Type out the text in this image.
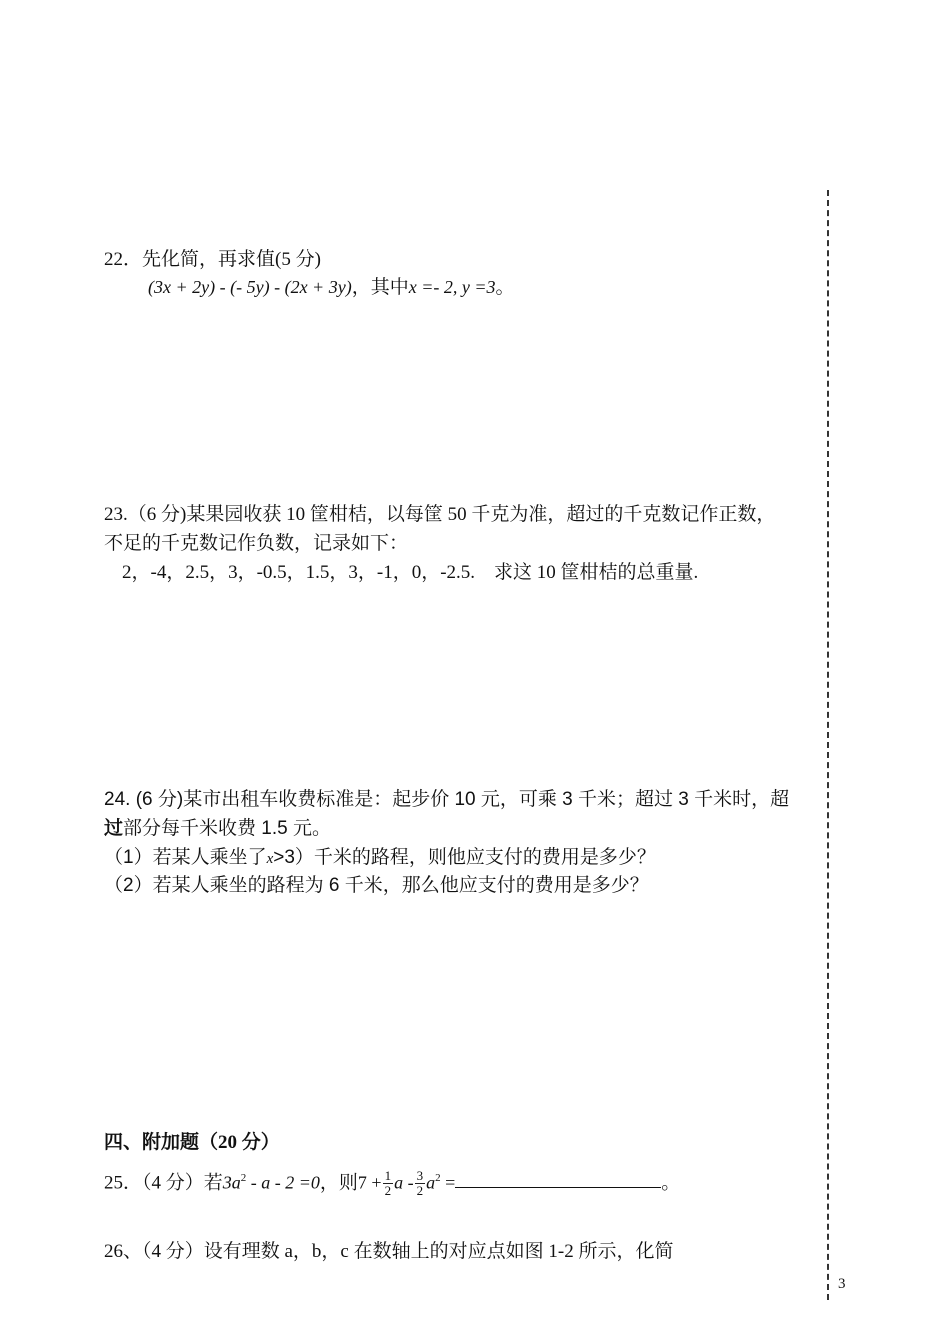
3
22．先化简，再求值(5 分)
(3x + 2y) - (- 5y) - (2x + 3y)，其中x =- 2, y =3。
23.（6 分)某果园收获 10 筐柑桔，以每筐 50 千克为准，超过的千克数记作正数，
不足的千克数记作负数，记录如下：
2，-4，2.5，3，-0.5，1.5，3，-1，0，-2.5.　求这 10 筐柑桔的总重量.
24. (6 分)某市出租车收费标准是：起步价 10 元，可乘 3 千米；超过 3 千米时，超
过部分每千米收费 1.5 元。
（1）若某人乘坐了x>3）千米的路程，则他应支付的费用是多少？
（2）若某人乘坐的路程为 6 千米，那么他应支付的费用是多少？
四、附加题（20 分）
25．（4 分）若$3a^2 - a - 2 =0$，则$7 + \frac{1}{2}$ a - $\frac{3}{2} a^2$ =	。
26、（4 分）设有理数 a，b，c 在数轴上的对应点如图 1-2 所示，化简
